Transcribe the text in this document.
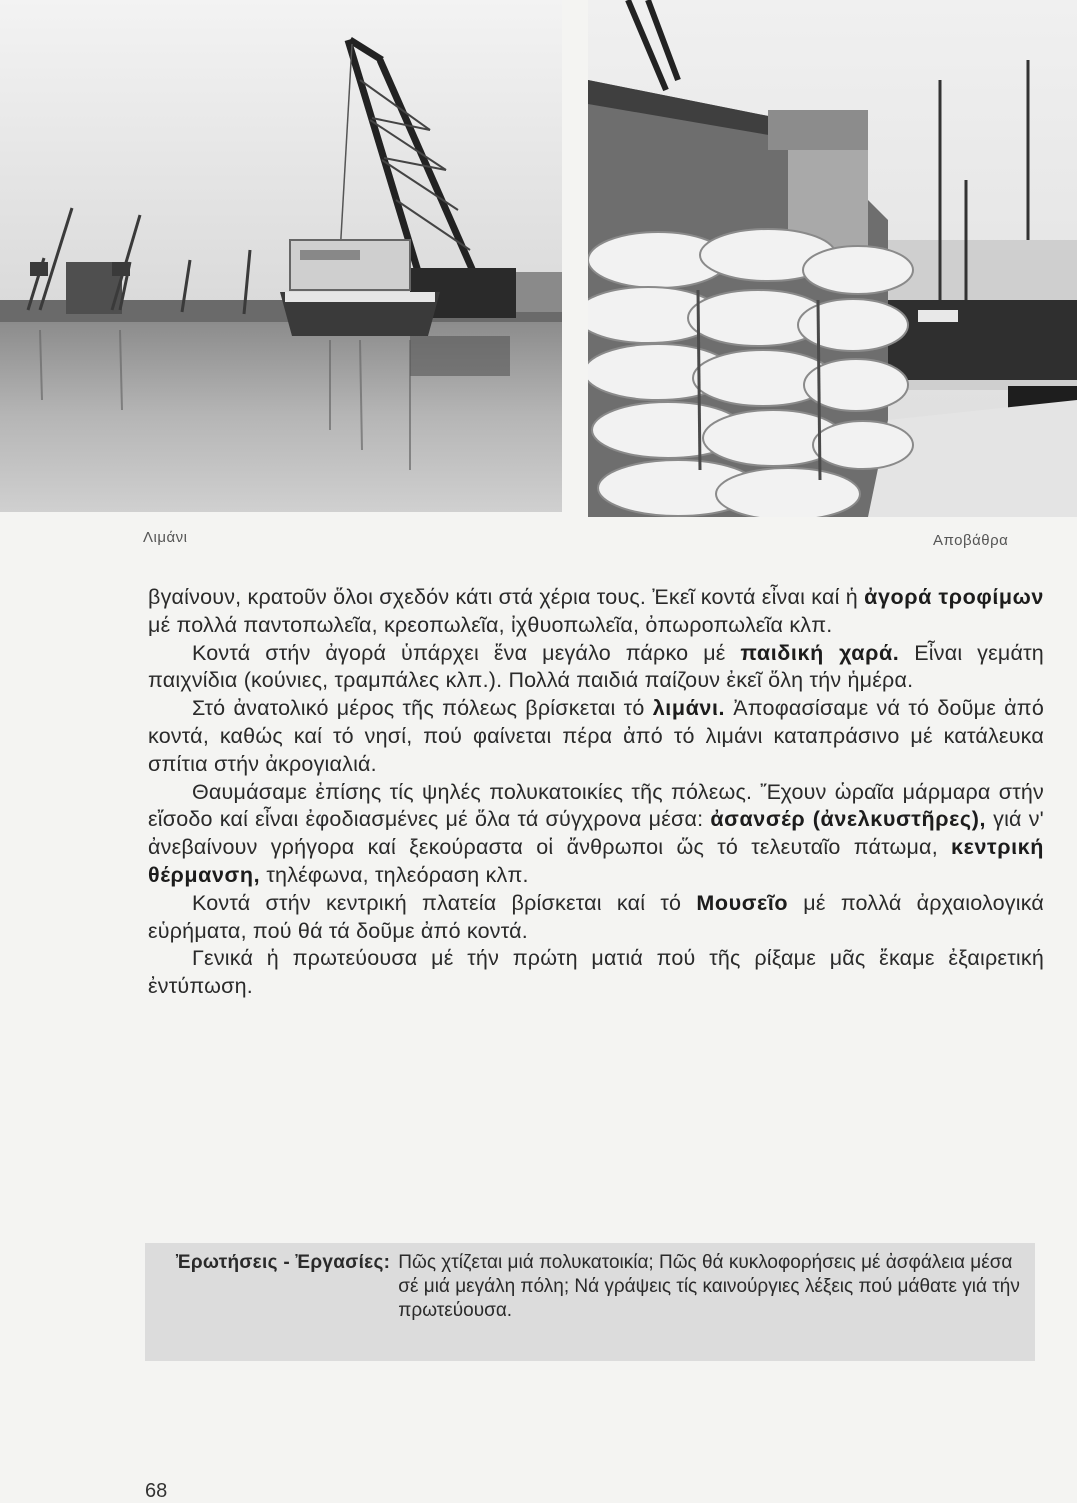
Λιμάνι	Αποβάθρα

βγαίνουν, κρατοῦν ὅλοι σχεδόν κάτι στά χέρια τους. Ἐκεῖ κοντά εἶναι καί ἡ ἀγορά τροφίμων μέ πολλά παντοπωλεῖα, κρεοπωλεῖα, ἰχθυοπωλεῖα, ὀπωροπωλεῖα κλπ.

Κοντά στήν ἀγορά ὑπάρχει ἕνα μεγάλο πάρκο μέ παιδική χαρά. Εἶναι γεμάτη παιχνίδια (κούνιες, τραμπάλες κλπ.). Πολλά παιδιά παίζουν ἐκεῖ ὅλη τήν ἡμέρα.

Στό ἀνατολικό μέρος τῆς πόλεως βρίσκεται τό λιμάνι. Ἀποφασίσαμε νά τό δοῦμε ἀπό κοντά, καθώς καί τό νησί, πού φαίνεται πέρα ἀπό τό λιμάνι καταπράσινο μέ κατάλευκα σπίτια στήν ἀκρογιαλιά.

Θαυμάσαμε ἐπίσης τίς ψηλές πολυκατοικίες τῆς πόλεως. Ἔχουν ὡραῖα μάρμαρα στήν εἴσοδο καί εἶναι ἐφοδιασμένες μέ ὅλα τά σύγχρονα μέσα: ἀσανσέρ (ἀνελκυστῆρες), γιά ν' ἀνεβαίνουν γρήγορα καί ξεκούραστα οἱ ἄνθρωποι ὥς τό τελευταῖο πάτωμα, κεντρική θέρμανση, τηλέφωνα, τηλεόραση κλπ.

Κοντά στήν κεντρική πλατεία βρίσκεται καί τό Μουσεῖο μέ πολλά ἀρχαιολογικά εὑρήματα, πού θά τά δοῦμε ἀπό κοντά.

Γενικά ἡ πρωτεύουσα μέ τήν πρώτη ματιά πού τῆς ρίξαμε μᾶς ἔκαμε ἐξαιρετική ἐντύπωση.

Ἐρωτήσεις - Ἐργασίες: Πῶς χτίζεται μιά πολυκατοικία; Πῶς θά κυκλοφορήσεις μέ ἀσφάλεια μέσα σέ μιά μεγάλη πόλη; Νά γράψεις τίς καινούργιες λέξεις πού μάθατε γιά τήν πρωτεύουσα.
68
